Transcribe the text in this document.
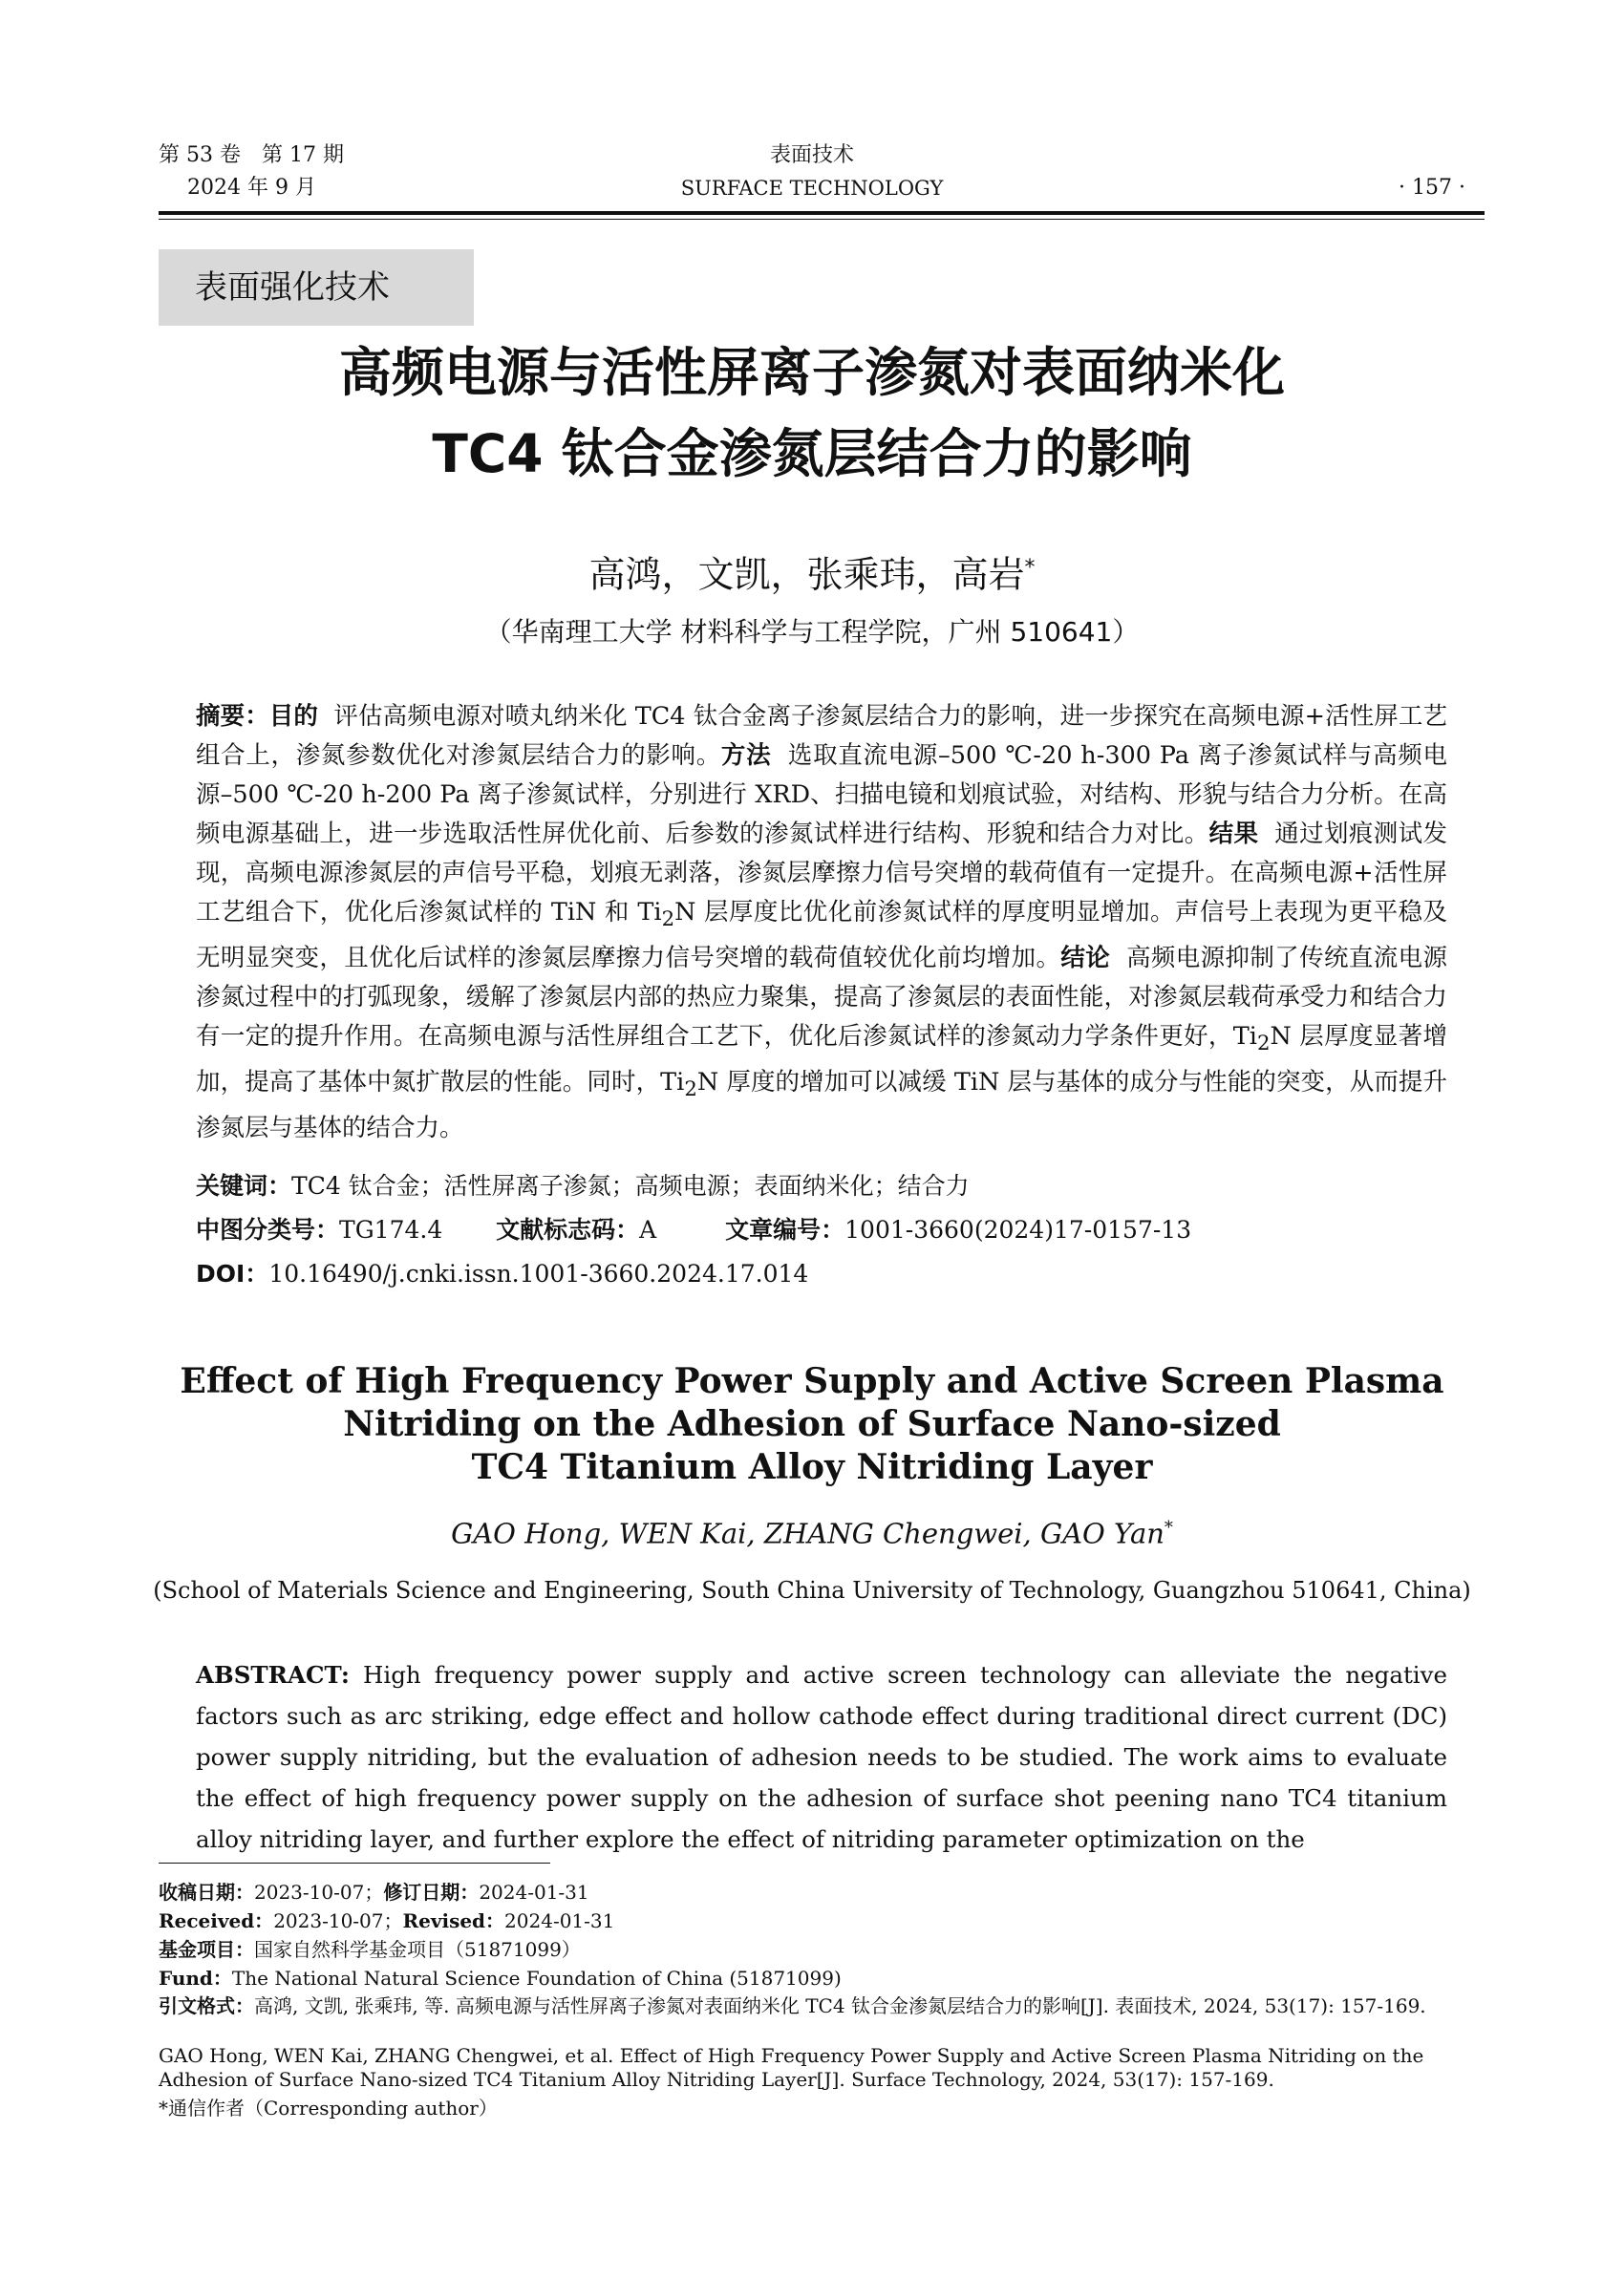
第 53 卷　第 17 期
2024 年 9 月
表面技术
SURFACE TECHNOLOGY	· 157 ·
表面强化技术
高频电源与活性屏离子渗氮对表面纳米化
TC4 钛合金渗氮层结合力的影响
高鸿，文凯，张乘玮，高岩*
（华南理工大学 材料科学与工程学院，广州 510641）
摘要：目的 评估高频电源对喷丸纳米化 TC4 钛合金离子渗氮层结合力的影响，进一步探究在高频电源+活性屏工艺组合上，渗氮参数优化对渗氮层结合力的影响。方法 选取直流电源–500 ℃-20 h-300 Pa 离子渗氮试样与高频电源–500 ℃-20 h-200 Pa 离子渗氮试样，分别进行 XRD、扫描电镜和划痕试验，对结构、形貌与结合力分析。在高频电源基础上，进一步选取活性屏优化前、后参数的渗氮试样进行结构、形貌和结合力对比。结果 通过划痕测试发现，高频电源渗氮层的声信号平稳，划痕无剥落，渗氮层摩擦力信号突增的载荷值有一定提升。在高频电源+活性屏工艺组合下，优化后渗氮试样的 TiN 和 $Ti_2N$ 层厚度比优化前渗氮试样的厚度明显增加。声信号上表现为更平稳及无明显突变，且优化后试样的渗氮层摩擦力信号突增的载荷值较优化前均增加。结论 高频电源抑制了传统直流电源渗氮过程中的打弧现象，缓解了渗氮层内部的热应力聚集，提高了渗氮层的表面性能，对渗氮层载荷承受力和结合力有一定的提升作用。在高频电源与活性屏组合工艺下，优化后渗氮试样的渗氮动力学条件更好，$Ti_2N$ 层厚度显著增加，提高了基体中氮扩散层的性能。同时，$Ti_2N$ 厚度的增加可以减缓 TiN 层与基体的成分与性能的突变，从而提升渗氮层与基体的结合力。
关键词：TC4 钛合金；活性屏离子渗氮；高频电源；表面纳米化；结合力
中图分类号：TG174.4 文献标志码：A	文章编号：1001-3660(2024)17-0157-13
DOI：10.16490/j.cnki.issn.1001-3660.2024.17.014
Effect of High Frequency Power Supply and Active Screen Plasma
Nitriding on the Adhesion of Surface Nano-sized
TC4 Titanium Alloy Nitriding Layer
GAO Hong, WEN Kai, ZHANG Chengwei, GAO Yan*
(School of Materials Science and Engineering, South China University of Technology, Guangzhou 510641, China)
ABSTRACT: High frequency power supply and active screen technology can alleviate the negative factors such as arc striking, edge effect and hollow cathode effect during traditional direct current (DC) power supply nitriding, but the evaluation of adhesion needs to be studied. The work aims to evaluate the effect of high frequency power supply on the adhesion of surface shot peening nano TC4 titanium alloy nitriding layer, and further explore the effect of nitriding parameter optimization on the
收稿日期：2023-10-07；修订日期：2024-01-31
Received：2023-10-07；Revised：2024-01-31
基金项目：国家自然科学基金项目（51871099）
Fund：The National Natural Science Foundation of China (51871099)
引文格式：高鸿, 文凯, 张乘玮, 等. 高频电源与活性屏离子渗氮对表面纳米化 TC4 钛合金渗氮层结合力的影响[J]. 表面技术, 2024, 53(17): 157-169.
GAO Hong, WEN Kai, ZHANG Chengwei, et al. Effect of High Frequency Power Supply and Active Screen Plasma Nitriding on the Adhesion of Surface Nano-sized TC4 Titanium Alloy Nitriding Layer[J]. Surface Technology, 2024, 53(17): 157-169.
*通信作者（Corresponding author）
